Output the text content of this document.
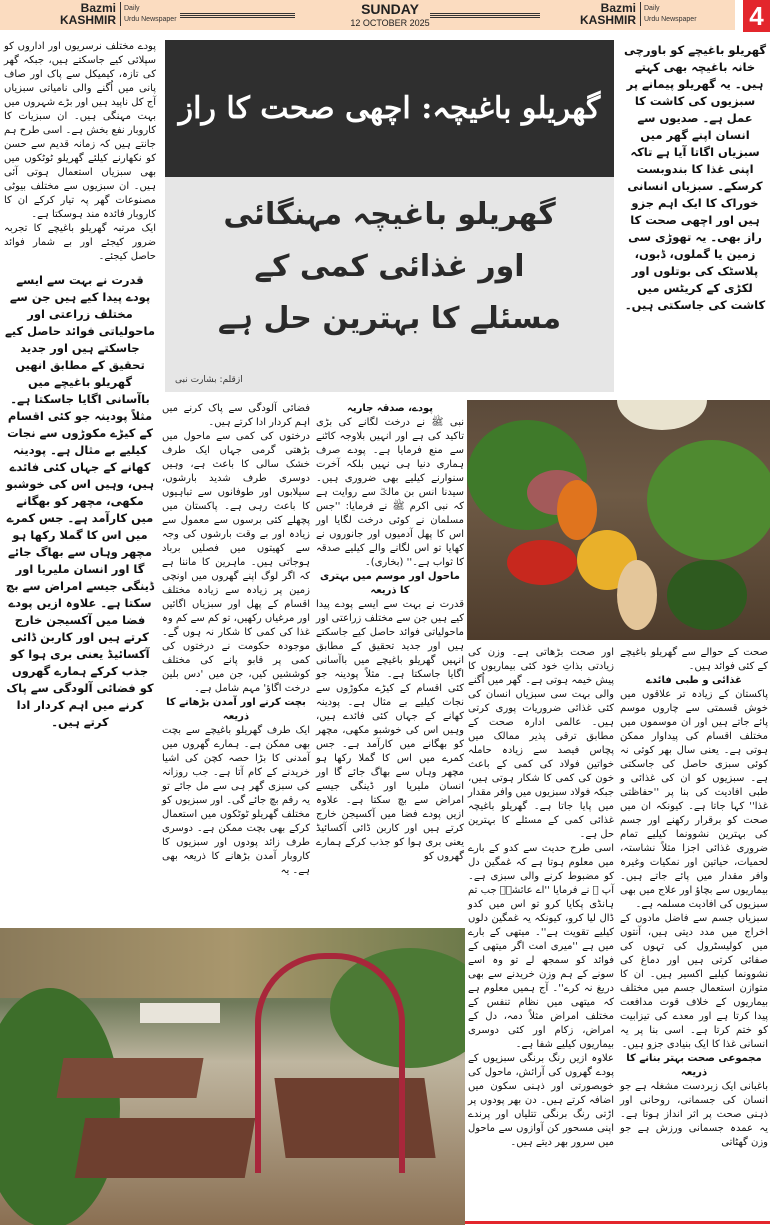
Bazmi
KASHMIR
Daily
Urdu Newspaper
SUNDAY
12 OCTOBER 2025
Bazmi
KASHMIR
Daily
Urdu Newspaper 4
گھریلو باغیچہ: اچھی صحت کا راز
گھریلو باغیچہ مہنگائی
اور غذائی کمی کے
مسئلے کا بہترین حل ہے
ازقلم: بشارت نبی

گھریلو باغیچے کو باورچی خانہ باغیچہ بھی کہتے ہیں۔ یہ گھریلو پیمانے پر سبزیوں کی کاشت کا عمل ہے۔ صدیوں سے انسان اپنے گھر میں سبزیاں اگاتا آیا ہے تاکہ اپنی غذا کا بندوبست کرسکے۔ سبزیاں انسانی خوراک کا ایک اہم جزو ہیں اور اچھی صحت کا راز بھی۔ یہ تھوڑی سی زمین یا گملوں، ڈبوں، پلاسٹک کی بوتلوں اور لکڑی کے کریٹس میں کاشت کی جاسکتی ہیں۔

پودے مختلف نرسریوں اور اداروں کو سپلائی کیے جاسکتے ہیں، جبکہ گھر کی تازہ، کیمیکل سے پاک اور صاف پانی میں اُگنے والی نامیاتی سبزیاں آج کل ناپید ہیں اور بڑے شہروں میں بہت مہنگی ہیں۔ ان سبزیات کا کاروبار نفع بخش ہے۔ اسی طرح ہم جانتے ہیں کہ زمانہ قدیم سے حسن کو نکھارنے کیلئے گھریلو ٹوٹکوں میں بھی سبزیاں استعمال ہوتی آئی ہیں۔ ان سبزیوں سے مختلف بیوٹی مصنوعات گھر پہ تیار کرکے ان کا کاروبار فائدہ مند ہوسکتا ہے۔

ایک مرتبہ گھریلو باغیچے کا تجربہ ضرور کیجئے اور بے شمار فوائد حاصل کیجئے۔

قدرت نے بہت سے ایسے پودے پیدا کیے ہیں جن سے مختلف زراعتی اور ماحولیاتی فوائد حاصل کیے جاسکتے ہیں اور جدید تحقیق کے مطابق انھیں گھریلو باغیچے میں باآسانی اگایا جاسکتا ہے۔ مثلاً پودینہ جو کئی اقسام کے کیڑے مکوڑوں سے نجات کیلیے بے مثال ہے۔ پودینہ کھانے کے جہاں کئی فائدے ہیں، وہیں اس کی خوشبو مکھی، مچھر کو بھگانے میں کارآمد ہے۔ جس کمرے میں اس کا گملا رکھا ہو مچھر وہاں سے بھاگ جائے گا اور انسان ملیریا اور ڈینگی جیسے امراض سے بچ سکتا ہے۔ علاوہ ازیں پودے فضا میں آکسیجن خارج کرتے ہیں اور کاربن ڈائی آکسائیڈ یعنی بری ہوا کو جذب کرکے ہمارے گھروں کو فضائی آلودگی سے پاک کرنے میں اہم کردار ادا کرتے ہیں۔

فضائی آلودگی سے پاک کرنے میں اہم کردار ادا کرتے ہیں۔

درختوں کی کمی سے ماحول میں بڑھتی گرمی جہاں ایک طرف خشک سالی کا باعث ہے، وہیں دوسری طرف شدید بارشوں، سیلابوں اور طوفانوں سے تباہیوں کا باعث رہی ہے۔ پاکستان میں پچھلے کئی برسوں سے معمول سے زیادہ اور بے وقت بارشوں کی وجہ سے کھیتوں میں فصلیں برباد ہوجاتی ہیں۔ ماہرین کا ماننا ہے کہ اگر لوگ اپنے گھروں میں اونچی زمین پر زیادہ سے زیادہ مختلف اقسام کے پھل اور سبزیاں اگائیں اور مرغیاں رکھیں، تو کم سے کم وہ غذا کی کمی کا شکار نہ ہوں گے۔ موجودہ حکومت نے درختوں کی کمی پر قابو پانے کی مختلف کوششیں کیں، جن میں 'دس بلین درخت اگاؤ' مہم شامل ہے۔

بچت کرنے اور آمدن بڑھانے کا ذریعہ

ایک طرف گھریلو باغیچے سے بچت بھی ممکن ہے۔ ہمارے گھروں میں آمدنی کا بڑا حصہ کچن کی اشیا خریدنے کے کام آتا ہے۔ جب روزانہ کی سبزی گھر ہی سے مل جائے تو یہ رقم بچ جائے گی۔ اور سبزیوں کو مختلف گھریلو ٹوٹکوں میں استعمال کرکے بھی بچت ممکن ہے۔ دوسری طرف زائد پودوں اور سبزیوں کا کاروبار آمدن بڑھانے کا ذریعہ بھی ہے۔ یہ

پودے، صدقہ جاریہ

نبی ﷺ نے درخت لگانے کی بڑی تاکید کی ہے اور انہیں بلاوجہ کاٹنے سے منع فرمایا ہے۔ پودے صرف ہماری دنیا ہی نہیں بلکہ آخرت سنوارنے کیلیے بھی ضروری ہیں۔ سیدنا انس بن مالکؓ سے روایت ہے کہ نبی اکرم ﷺ نے فرمایا: ''جس مسلمان نے کوئی درخت لگایا اور اس کا پھل آدمیوں اور جانوروں نے کھایا تو اس لگانے والے کیلیے صدقہ کا ثواب ہے۔'' (بخاری)۔

ماحول اور موسم میں بہتری کا ذریعہ

قدرت نے بہت سے ایسے پودے پیدا کیے ہیں جن سے مختلف زراعتی اور ماحولیاتی فوائد حاصل کیے جاسکتے ہیں اور جدید تحقیق کے مطابق انہیں گھریلو باغیچے میں باآسانی اگایا جاسکتا ہے۔ مثلاً پودینہ جو کئی اقسام کے کیڑے مکوڑوں سے نجات کیلیے بے مثال ہے۔ پودینہ کھانے کے جہاں کئی فائدے ہیں، وہیں اس کی خوشبو مکھی، مچھر کو بھگانے میں کارآمد ہے۔ جس کمرے میں اس کا گملا رکھا ہو مچھر وہاں سے بھاگ جائے گا اور انسان ملیریا اور ڈینگی جیسے امراض سے بچ سکتا ہے۔ علاوہ ازیں پودے فضا میں آکسیجن خارج کرتے ہیں اور کاربن ڈائی آکسائیڈ یعنی بری ہوا کو جذب کرکے ہمارے گھروں کو

اور صحت بڑھاتی ہے۔ وزن کی زیادتی بذاتِ خود کئی بیماریوں کا پیش خیمہ ہوتی ہے۔ گھر میں اُگنے والی بہت سی سبزیاں انسان کی کئی غذائی ضروریات پوری کرتی ہیں۔ عالمی ادارہ صحت کے مطابق ترقی پذیر ممالک میں پچاس فیصد سے زیادہ حاملہ خواتین فولاد کی کمی کے باعث خون کی کمی کا شکار ہوتی ہیں، جبکہ فولاد سبزیوں میں وافر مقدار میں پایا جاتا ہے۔ گھریلو باغیچہ غذائی کمی کے مسئلے کا بہترین حل ہے۔

اسی طرح حدیث سے کدو کے بارے میں معلوم ہوتا ہے کہ غمگین دل کو مضبوط کرنے والی سبزی ہے۔ آپ ﷺ نے فرمایا ''اے عائشہؓ جب تم ہانڈی پکایا کرو تو اس میں کدو ڈال لیا کرو، کیونکہ یہ غمگین دلوں کیلیے تقویت ہے''۔ میتھی کے بارے میں ہے ''میری امت اگر میتھی کے فوائد کو سمجھ لے تو وہ اسے سونے کے ہم وزن خریدنے سے بھی دریغ نہ کرے''۔ آج ہمیں معلوم ہے کہ میتھی میں نظام تنفس کے مختلف امراض مثلاً دمہ، دل کے امراض، زکام اور کئی دوسری بیماریوں کیلیے شفا ہے۔

علاوہ ازیں رنگ برنگی سبزیوں کے پودے گھروں کی آرائش، ماحول کی خوبصورتی اور ذہنی سکون میں اضافہ کرتے ہیں۔ دن بھر پودوں پر اڑتی رنگ برنگی تتلیاں اور پرندے اپنی مسحور کن آوازوں سے ماحول میں سرور بھر دیتے ہیں۔

صحت کے حوالے سے گھریلو باغیچے کے کئی فوائد ہیں۔

غذائی و طبی فائدے

پاکستان کے زیادہ تر علاقوں میں خوش قسمتی سے چاروں موسم پائے جاتے ہیں اور ان موسموں میں مختلف اقسام کی پیداوار ممکن ہوتی ہے۔ یعنی سال بھر کوئی نہ کوئی سبزی حاصل کی جاسکتی ہے۔ سبزیوں کو ان کی غذائی و طبی افادیت کی بنا پر ''حفاظتی غذا'' کہا جاتا ہے۔ کیونکہ ان میں صحت کو برقرار رکھنے اور جسم کی بہترین نشوونما کیلیے تمام ضروری غذائی اجزا مثلاً نشاستہ، لحمیات، حیاتین اور نمکیات وغیرہ وافر مقدار میں پائے جاتے ہیں۔ بیماریوں سے بچاؤ اور علاج میں بھی سبزیوں کی افادیت مسلمہ ہے۔

سبزیاں جسم سے فاضل مادوں کے اخراج میں مدد دیتی ہیں، آنتوں میں کولیسٹرول کی تہوں کی صفائی کرتی ہیں اور دماغ کی نشوونما کیلیے اکسیر ہیں۔ ان کا متوازن استعمال جسم میں مختلف بیماریوں کے خلاف قوت مدافعت پیدا کرتا ہے اور معدے کی تیزابیت کو ختم کرتا ہے۔ اسی بنا پر یہ انسانی غذا کا ایک بنیادی جزو ہیں۔

مجموعی صحت بہتر بنانے کا ذریعہ

باغبانی ایک زبردست مشغلہ ہے جو انسان کی جسمانی، روحانی اور ذہنی صحت پر اثر انداز ہوتا ہے۔ یہ عمدہ جسمانی ورزش ہے جو وزن گھٹاتی
